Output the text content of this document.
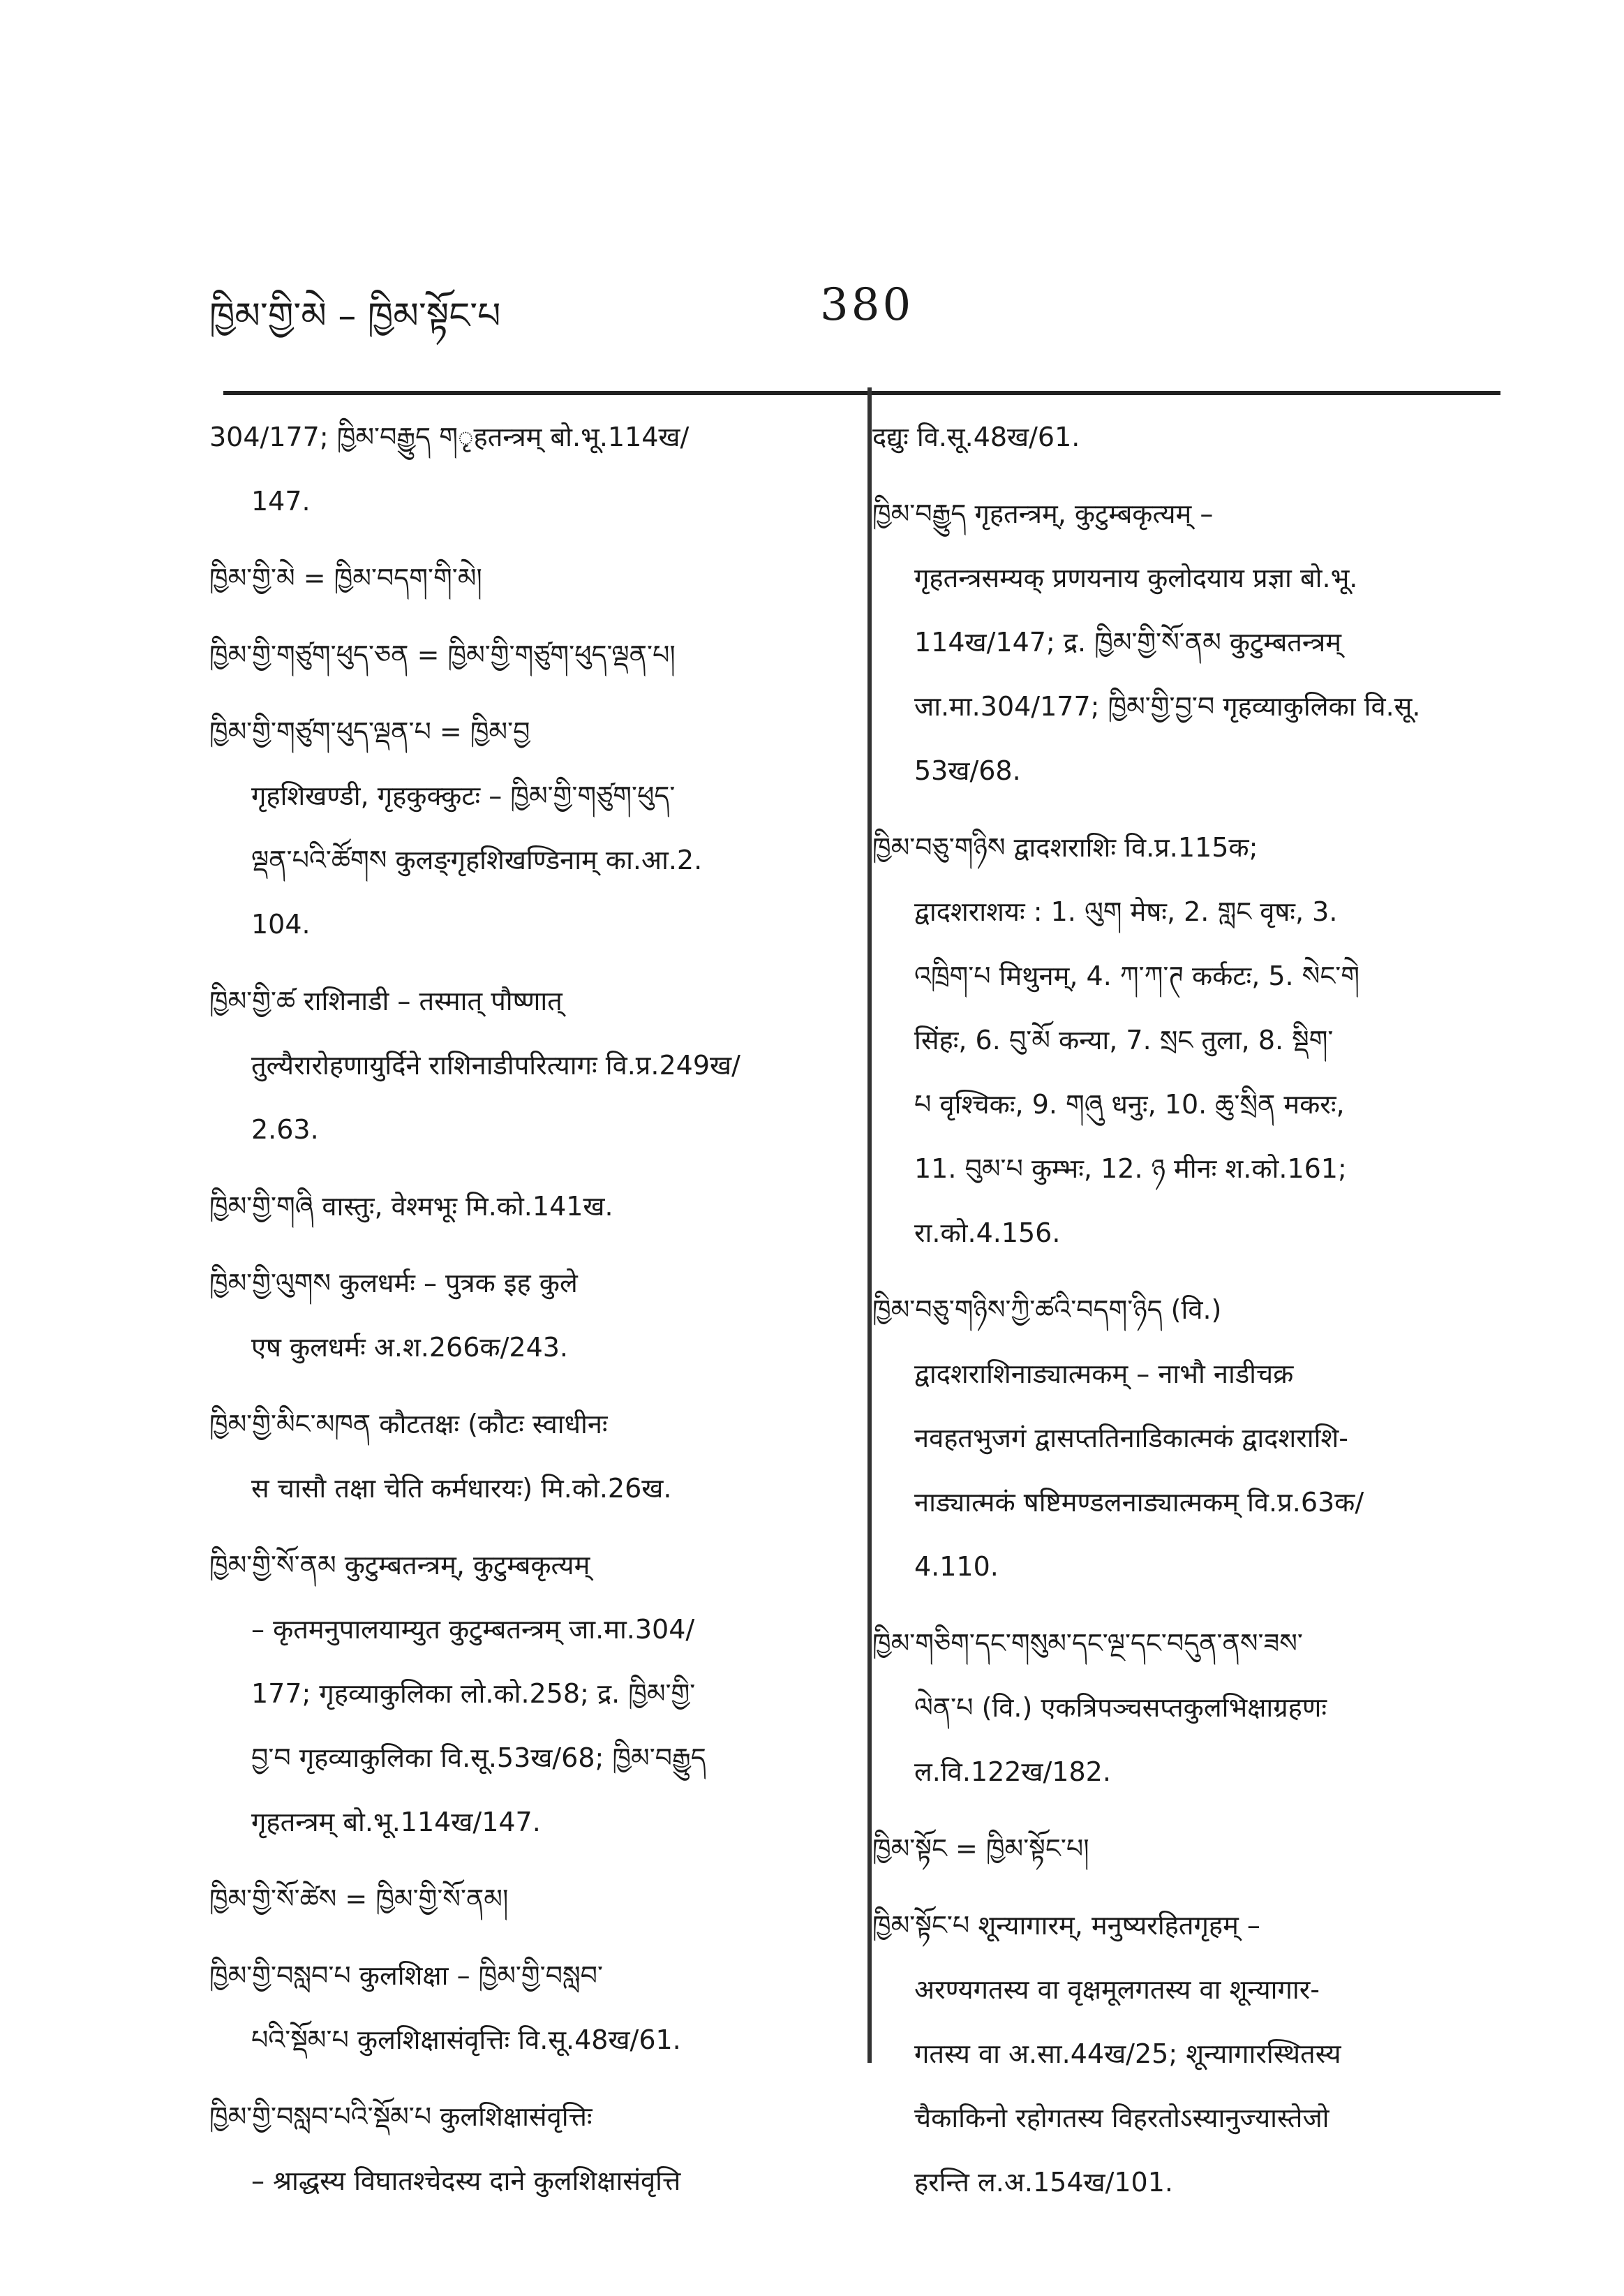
ཁྱིམ་གྱི་མེ – ཁྱིམ་སྟོང་པ	380
304/177; ཁྱིམ་བརྒྱུད གृहतन्त्रम् बो.भू.114ख/
147.
ཁྱིམ་གྱི་མེ = ཁྱིམ་བདག་གི་མེ།
ཁྱིམ་གྱི་གཙུག་ཕུད་ཅན = ཁྱིམ་གྱི་གཙུག་ཕུད་ལྡན་པ།
ཁྱིམ་གྱི་གཙུག་ཕུད་ལྡན་པ = ཁྱིམ་བྱ
गृहशिखण्डी, गृहकुक्कुटः – ཁྱིམ་གྱི་གཙུག་ཕུད་
ལྡན་པའི་ཚོགས कुलङ्गृहशिखण्डिनाम् का.आ.2.
104.
ཁྱིམ་གྱི་ཚ राशिनाडी – तस्मात् पौष्णात्
तुल्यैरारोहणायुर्दिने राशिनाडीपरित्यागः वि.प्र.249ख/
2.63.
ཁྱིམ་གྱི་གཞི वास्तुः, वेश्मभूः मि.को.141ख.
ཁྱིམ་གྱི་ལུགས कुलधर्मः – पुत्रक इह कुले
एष कुलधर्मः अ.श.266क/243.
ཁྱིམ་གྱི་མིང་མཁན कौटतक्षः (कौटः स्वाधीनः
स चासौ तक्षा चेति कर्मधारयः) मि.को.26ख.
ཁྱིམ་གྱི་སོ་ནམ कुटुम्बतन्त्रम्, कुटुम्बकृत्यम्
– कृतमनुपालयाम्युत कुटुम्बतन्त्रम् जा.मा.304/
177; गृहव्याकुलिका लो.को.258; द्र. ཁྱིམ་གྱི་
བྱ་བ गृहव्याकुलिका वि.सू.53ख/68; ཁྱིམ་བརྒྱུད
गृहतन्त्रम् बो.भू.114ख/147.
ཁྱིམ་གྱི་སོ་ཚེས = ཁྱིམ་གྱི་སོ་ནམ།
ཁྱིམ་གྱི་བསླབ་པ कुलशिक्षा – ཁྱིམ་གྱི་བསླབ་
པའི་སྡོམ་པ कुलशिक्षासंवृत्तिः वि.सू.48ख/61.
ཁྱིམ་གྱི་བསླབ་པའི་སྡོམ་པ कुलशिक्षासंवृत्तिः
– श्राद्धस्य विघातश्चेदस्य दाने कुलशिक्षासंवृत्ति
दद्युः वि.सू.48ख/61.
ཁྱིམ་བརྒྱུད गृहतन्त्रम्, कुटुम्बकृत्यम् –
गृहतन्त्रसम्यक् प्रणयनाय कुलोदयाय प्रज्ञा बो.भू.
114ख/147; द्र. ཁྱིམ་གྱི་སོ་ནམ कुटुम्बतन्त्रम्
जा.मा.304/177; ཁྱིམ་གྱི་བྱ་བ गृहव्याकुलिका वि.सू.
53ख/68.
ཁྱིམ་བཅུ་གཉིས द्वादशराशिः वि.प्र.115क;
द्वादशराशयः : 1. ལུག मेषः, 2. གླང वृषः, 3.
འཁྲིག་པ मिथुनम्, 4. ཀ་ཀ་ཊ कर्कटः, 5. སེང་གེ
सिंहः, 6. བུ་མོ कन्या, 7. སྲང तुला, 8. སྡིག་
པ वृश्चिकः, 9. གཞུ धनुः, 10. ཆུ་སྲིན मकरः,
11. བུམ་པ कुम्भः, 12. ཉ मीनः श.को.161;
रा.को.4.156.
ཁྱིམ་བཅུ་གཉིས་ཀྱི་ཚའི་བདག་ཉིད (वि.)
द्वादशराशिनाड्यात्मकम् – नाभौ नाडीचक्र
नवहतभुजगं द्वासप्ततिनाडिकात्मकं द्वादशराशि-
नाड्यात्मकं षष्टिमण्डलनाड्यात्मकम् वि.प्र.63क/
4.110.
ཁྱིམ་གཅིག་དང་གསུམ་དང་ལྔ་དང་བདུན་ནས་ཟས་
ལེན་པ (वि.) एकत्रिपञ्चसप्तकुलभिक्षाग्रहणः
ल.वि.122ख/182.
ཁྱིམ་སྟོང = ཁྱིམ་སྟོང་པ།
ཁྱིམ་སྟོང་པ शून्यागारम्, मनुष्यरहितगृहम् –
अरण्यगतस्य वा वृक्षमूलगतस्य वा शून्यागार-
गतस्य वा अ.सा.44ख/25; शून्यागारस्थितस्य
चैकाकिनो रहोगतस्य विहरतोऽस्यानुज्यास्तेजो
हरन्ति ल.अ.154ख/101.
